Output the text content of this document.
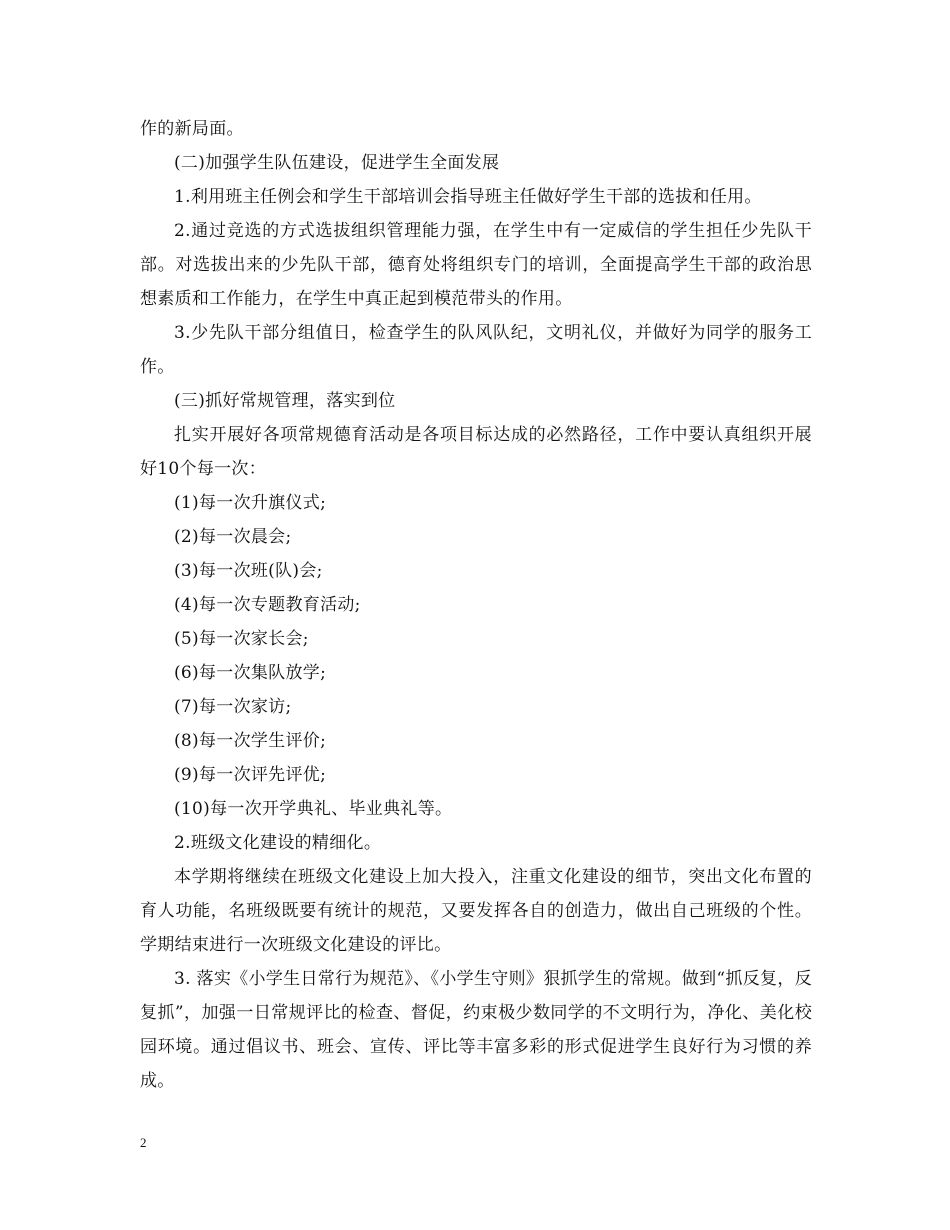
作的新局面。

(二)加强学生队伍建设，促进学生全面发展

1.利用班主任例会和学生干部培训会指导班主任做好学生干部的选拔和任用。

2.通过竞选的方式选拔组织管理能力强，在学生中有一定威信的学生担任少先队干部。对选拔出来的少先队干部，德育处将组织专门的培训，全面提高学生干部的政治思想素质和工作能力，在学生中真正起到模范带头的作用。

3.少先队干部分组值日，检查学生的队风队纪，文明礼仪，并做好为同学的服务工作。

(三)抓好常规管理，落实到位

扎实开展好各项常规德育活动是各项目标达成的必然路径，工作中要认真组织开展好10个每一次：

(1)每一次升旗仪式;

(2)每一次晨会;

(3)每一次班(队)会;

(4)每一次专题教育活动;

(5)每一次家长会;

(6)每一次集队放学;

(7)每一次家访;

(8)每一次学生评价;

(9)每一次评先评优;

(10)每一次开学典礼、毕业典礼等。

2.班级文化建设的精细化。

本学期将继续在班级文化建设上加大投入，注重文化建设的细节，突出文化布置的育人功能，名班级既要有统计的规范，又要发挥各自的创造力，做出自己班级的个性。学期结束进行一次班级文化建设的评比。

3. 落实《小学生日常行为规范》、《小学生守则》狠抓学生的常规。做到“抓反复，反复抓”，加强一日常规评比的检查、督促，约束极少数同学的不文明行为，净化、美化校园环境。通过倡议书、班会、宣传、评比等丰富多彩的形式促进学生良好行为习惯的养成。

2
